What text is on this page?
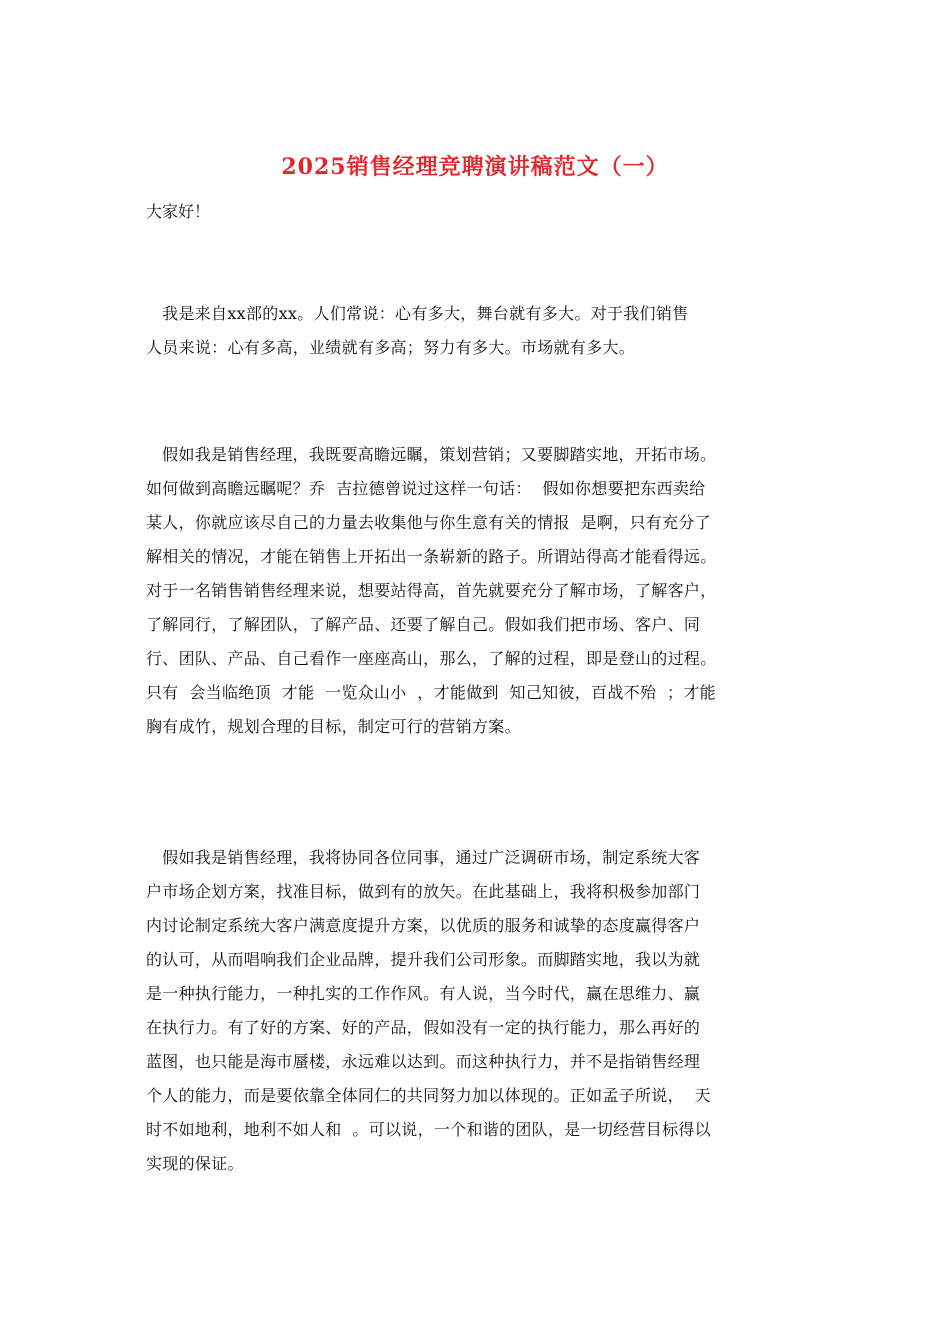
2025销售经理竞聘演讲稿范文（一）
大家好！
我是来自xx部的xx。人们常说：心有多大，舞台就有多大。对于我们销售
人员来说：心有多高，业绩就有多高；努力有多大。市场就有多大。
假如我是销售经理，我既要高瞻远瞩，策划营销；又要脚踏实地，开拓市场。
如何做到高瞻远瞩呢？乔  吉拉德曾说过这样一句话：  假如你想要把东西卖给
某人，你就应该尽自己的力量去收集他与你生意有关的情报  是啊，只有充分了
解相关的情况，才能在销售上开拓出一条崭新的路子。所谓站得高才能看得远。
对于一名销售销售经理来说，想要站得高，首先就要充分了解市场，了解客户，
了解同行，了解团队，了解产品、还要了解自己。假如我们把市场、客户、同
行、团队、产品、自己看作一座座高山，那么，了解的过程，即是登山的过程。
只有  会当临绝顶  才能  一览众山小  ，才能做到  知己知彼，百战不殆  ；才能
胸有成竹，规划合理的目标，制定可行的营销方案。
假如我是销售经理，我将协同各位同事，通过广泛调研市场，制定系统大客
户市场企划方案，找准目标，做到有的放矢。在此基础上，我将积极参加部门
内讨论制定系统大客户满意度提升方案，以优质的服务和诚挚的态度赢得客户
的认可，从而唱响我们企业品牌，提升我们公司形象。而脚踏实地，我以为就
是一种执行能力，一种扎实的工作作风。有人说，当今时代，赢在思维力、赢
在执行力。有了好的方案、好的产品，假如没有一定的执行能力，那么再好的
蓝图，也只能是海市蜃楼，永远难以达到。而这种执行力，并不是指销售经理
个人的能力，而是要依靠全体同仁的共同努力加以体现的。正如孟子所说，  天
时不如地利，地利不如人和  。可以说，一个和谐的团队，是一切经营目标得以
实现的保证。
